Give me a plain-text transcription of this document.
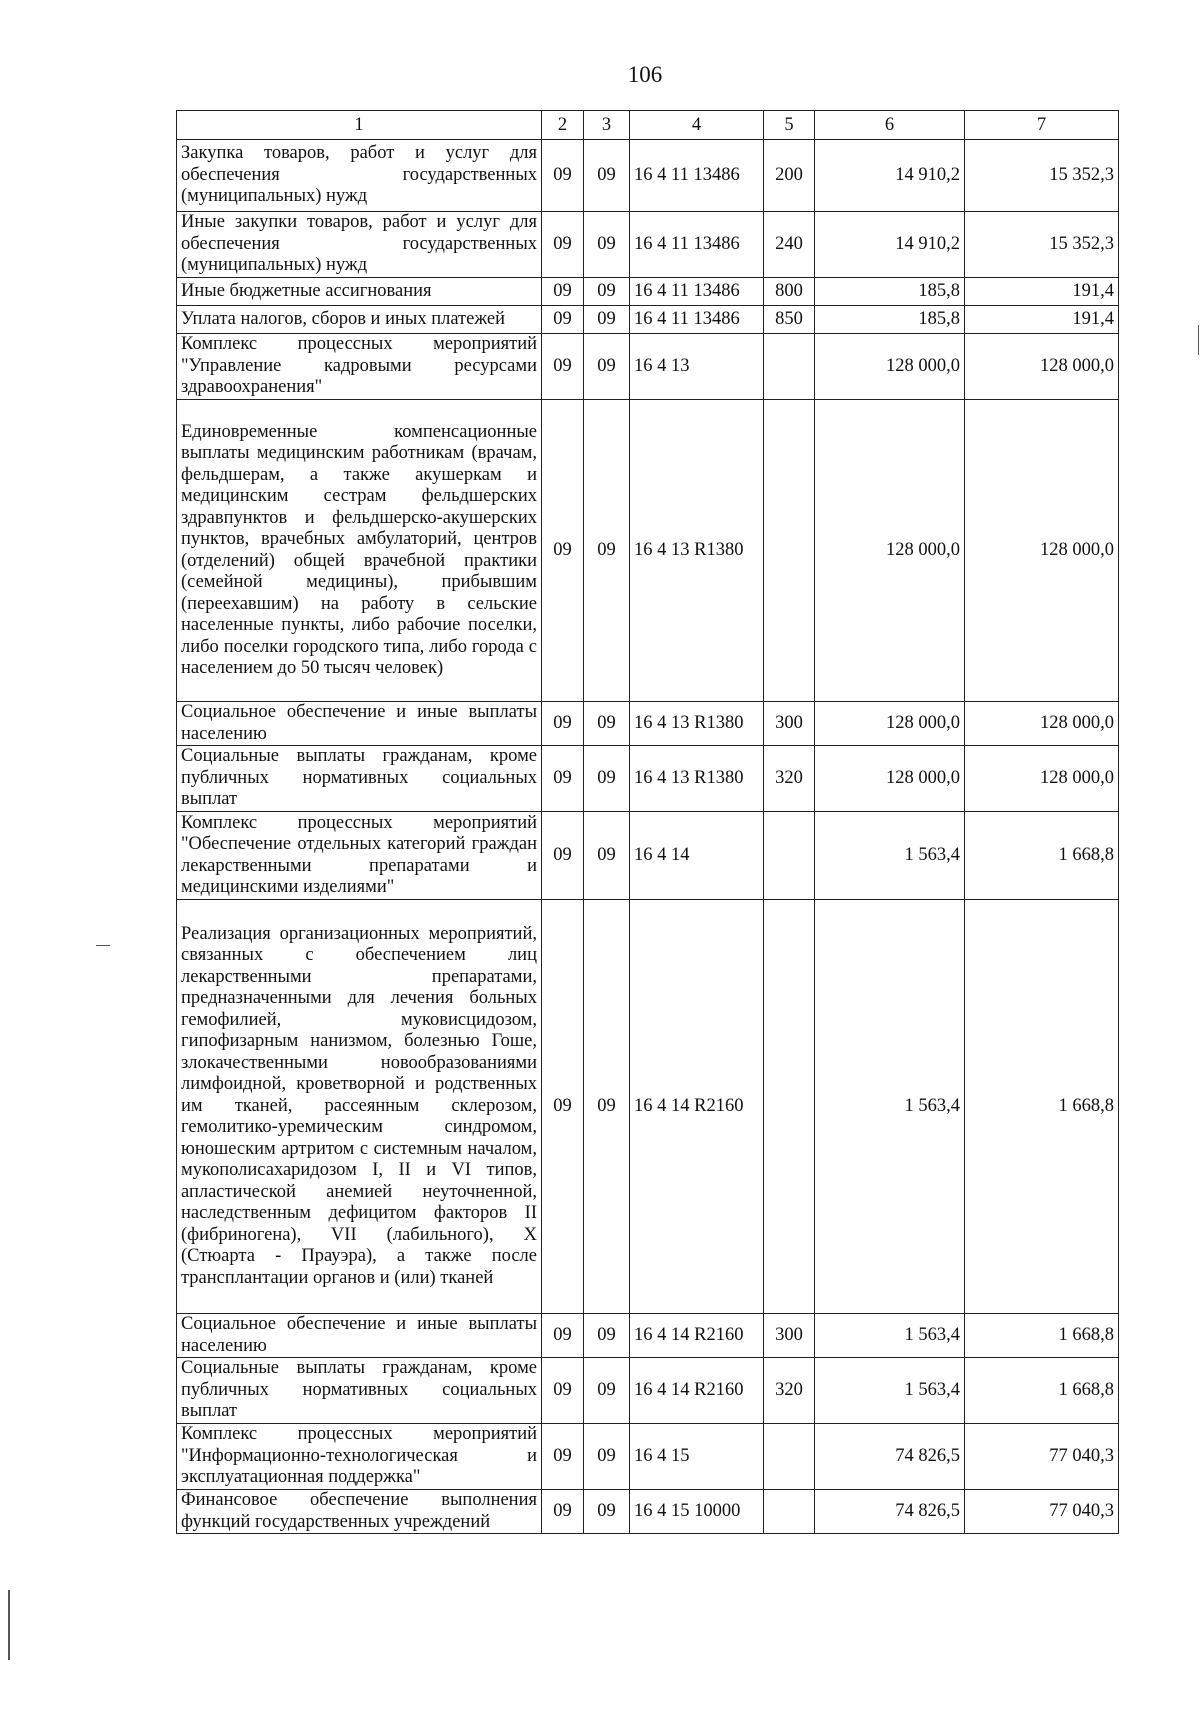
106
1	2	3	4	5	6	7
Закупка товаров, работ и услуг для обеспечения государственных (муниципальных) нужд	09	09	16 4 11 13486	200	14 910,2	15 352,3
Иные закупки товаров, работ и услуг для обеспечения государственных (муниципальных) нужд	09	09	16 4 11 13486	240	14 910,2	15 352,3
Иные бюджетные ассигнования	09	09	16 4 11 13486	800	185,8	191,4
Уплата налогов, сборов и иных платежей	09	09	16 4 11 13486	850	185,8	191,4
Комплекс процессных мероприятий "Управление кадровыми ресурсами здравоохранения"	09	09	16 4 13		128 000,0	128 000,0
Единовременные компенсационные выплаты медицинским работникам (врачам, фельдшерам, а также акушеркам и медицинским сестрам фельдшерских здравпунктов и фельдшерско-акушерских пунктов, врачебных амбулаторий, центров (отделений) общей врачебной практики (семейной медицины), прибывшим (переехавшим) на работу в сельские населенные пункты, либо рабочие поселки, либо поселки городского типа, либо города с населением до 50 тысяч человек)	09	09	16 4 13 R1380		128 000,0	128 000,0
Социальное обеспечение и иные выплаты населению	09	09	16 4 13 R1380	300	128 000,0	128 000,0
Социальные выплаты гражданам, кроме публичных нормативных социальных выплат	09	09	16 4 13 R1380	320	128 000,0	128 000,0
Комплекс процессных мероприятий "Обеспечение отдельных категорий граждан лекарственными препаратами и медицинскими изделиями"	09	09	16 4 14		1 563,4	1 668,8
Реализация организационных мероприятий, связанных с обеспечением лиц лекарственными препаратами, предназначенными для лечения больных гемофилией, муковисцидозом, гипофизарным нанизмом, болезнью Гоше, злокачественными новообразованиями лимфоидной, кроветворной и родственных им тканей, рассеянным склерозом, гемолитико-уремическим синдромом, юношеским артритом с системным началом, мукополисахаридозом I, II и VI типов, апластической анемией неуточненной, наследственным дефицитом факторов II (фибриногена), VII (лабильного), X (Стюарта - Прауэра), а также после трансплантации органов и (или) тканей	09	09	16 4 14 R2160		1 563,4	1 668,8
Социальное обеспечение и иные выплаты населению	09	09	16 4 14 R2160	300	1 563,4	1 668,8
Социальные выплаты гражданам, кроме публичных нормативных социальных выплат	09	09	16 4 14 R2160	320	1 563,4	1 668,8
Комплекс процессных мероприятий "Информационно-технологическая и эксплуатационная поддержка"	09	09	16 4 15		74 826,5	77 040,3
Финансовое обеспечение выполнения функций государственных учреждений	09	09	16 4 15 10000		74 826,5	77 040,3
